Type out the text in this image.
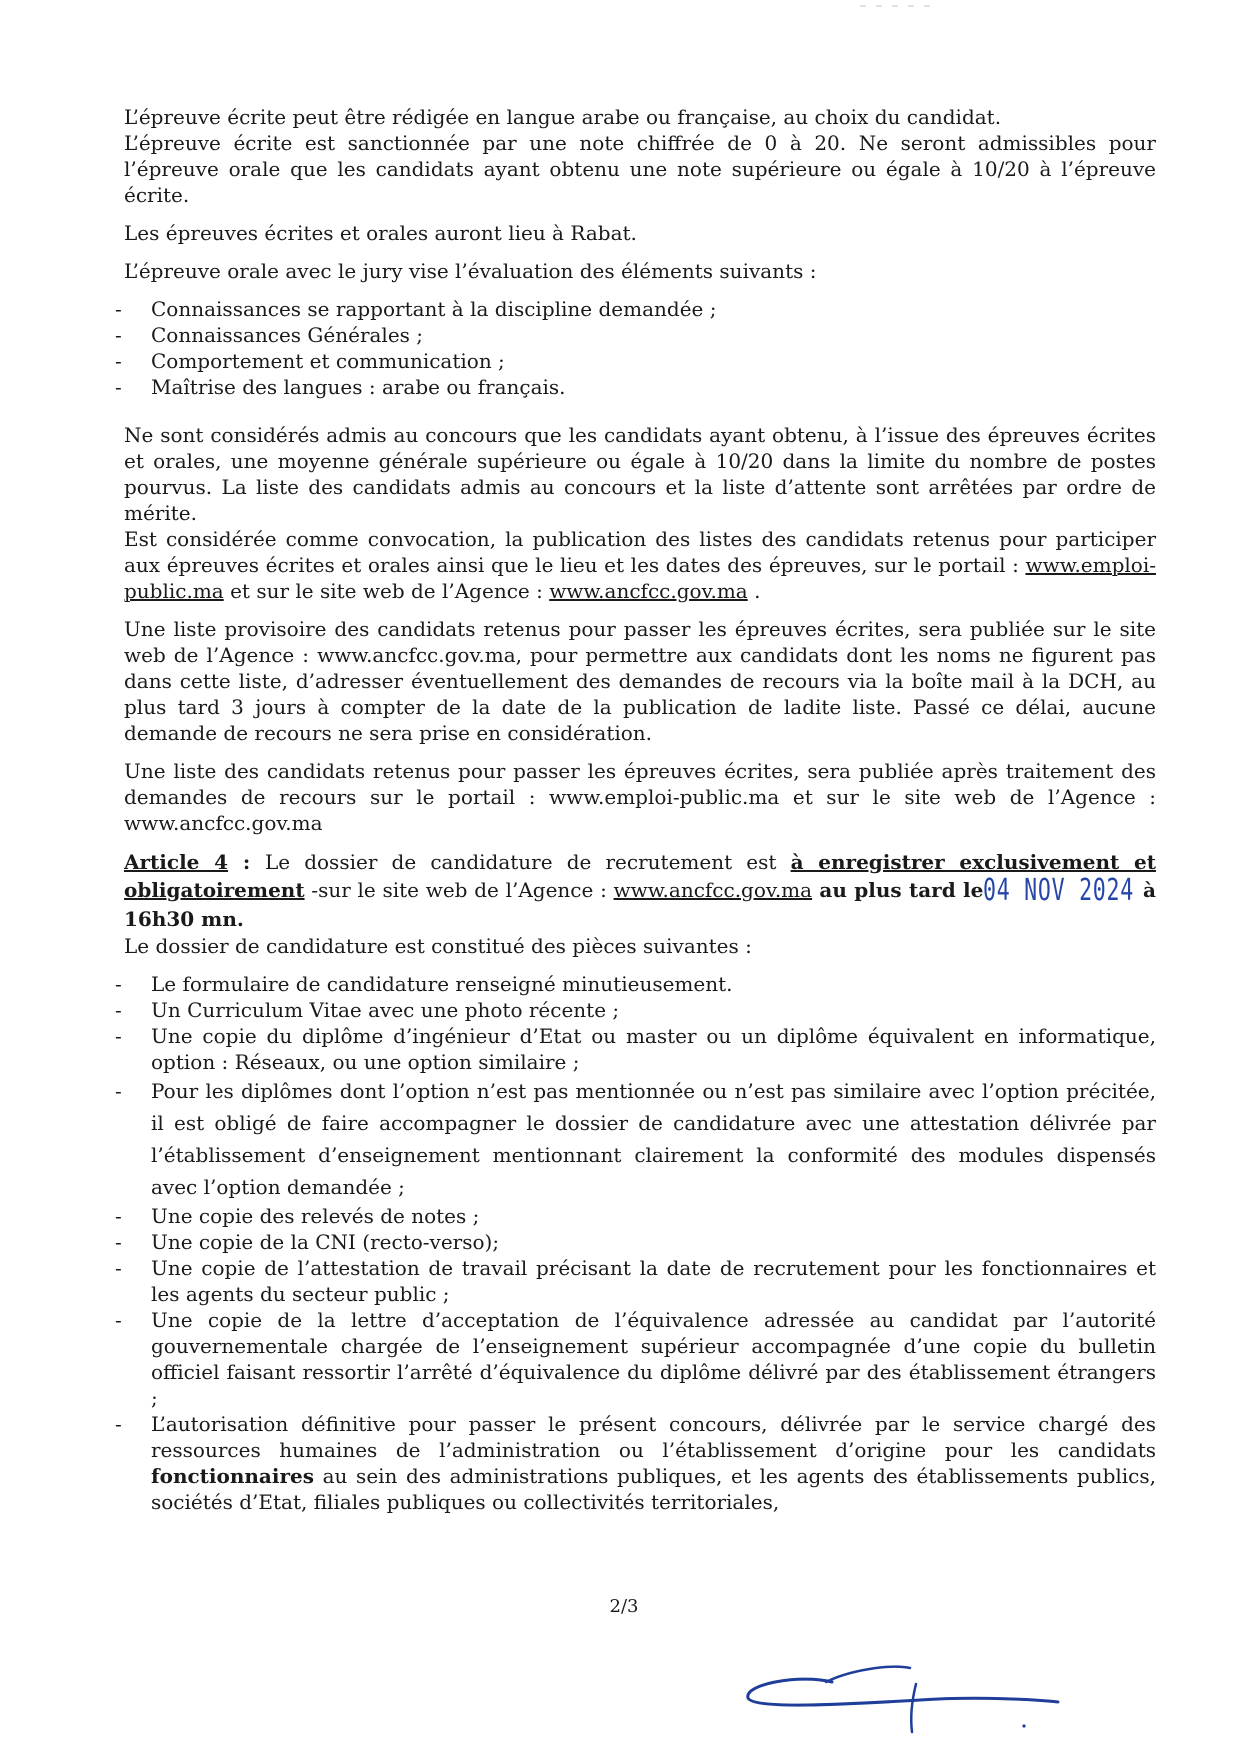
L’épreuve écrite peut être rédigée en langue arabe ou française, au choix du candidat.

L’épreuve écrite est sanctionnée par une note chiffrée de 0 à 20. Ne seront admissibles pour l’épreuve orale que les candidats ayant obtenu une note supérieure ou égale à 10/20 à l’épreuve écrite.

Les épreuves écrites et orales auront lieu à Rabat.

L’épreuve orale avec le jury vise l’évaluation des éléments suivants :

- Connaissances se rapportant à la discipline demandée ;
- Connaissances Générales ;
- Comportement et communication ;
- Maîtrise des langues : arabe ou français.

Ne sont considérés admis au concours que les candidats ayant obtenu, à l’issue des épreuves écrites et orales, une moyenne générale supérieure ou égale à 10/20 dans la limite du nombre de postes pourvus. La liste des candidats admis au concours et la liste d’attente sont arrêtées par ordre de mérite.

Est considérée comme convocation, la publication des listes des candidats retenus pour participer aux épreuves écrites et orales ainsi que le lieu et les dates des épreuves, sur le portail : www.emploi-public.ma et sur le site web de l’Agence : www.ancfcc.gov.ma .

Une liste provisoire des candidats retenus pour passer les épreuves écrites, sera publiée sur le site web de l’Agence : www.ancfcc.gov.ma, pour permettre aux candidats dont les noms ne figurent pas dans cette liste, d’adresser éventuellement des demandes de recours via la boîte mail à la DCH, au plus tard 3 jours à compter de la date de la publication de ladite liste. Passé ce délai, aucune demande de recours ne sera prise en considération.

Une liste des candidats retenus pour passer les épreuves écrites, sera publiée après traitement des demandes de recours sur le portail : www.emploi-public.ma et sur le site web de l’Agence : www.ancfcc.gov.ma

Article 4 : Le dossier de candidature de recrutement est à enregistrer exclusivement et obligatoirement -sur le site web de l’Agence : www.ancfcc.gov.ma au plus tard le04 NOV 2024 à 16h30 mn.

Le dossier de candidature est constitué des pièces suivantes :

- Le formulaire de candidature renseigné minutieusement.
- Un Curriculum Vitae avec une photo récente ;
- Une copie du diplôme d’ingénieur d’Etat ou master ou un diplôme équivalent en informatique, option : Réseaux, ou une option similaire ;
- Pour les diplômes dont l’option n’est pas mentionnée ou n’est pas similaire avec l’option précitée, il est obligé de faire accompagner le dossier de candidature avec une attestation délivrée par l’établissement d’enseignement mentionnant clairement la conformité des modules dispensés avec l’option demandée ;
- Une copie des relevés de notes ;
- Une copie de la CNI (recto-verso);
- Une copie de l’attestation de travail précisant la date de recrutement pour les fonctionnaires et les agents du secteur public ;
- Une copie de la lettre d’acceptation de l’équivalence adressée au candidat par l’autorité gouvernementale chargée de l’enseignement supérieur accompagnée d’une copie du bulletin officiel faisant ressortir l’arrêté d’équivalence du diplôme délivré par des établissement étrangers ;
- L’autorisation définitive pour passer le présent concours, délivrée par le service chargé des ressources humaines de l’administration ou l’établissement d’origine pour les candidats fonctionnaires au sein des administrations publiques, et les agents des établissements publics, sociétés d’Etat, filiales publiques ou collectivités territoriales,
2/3
